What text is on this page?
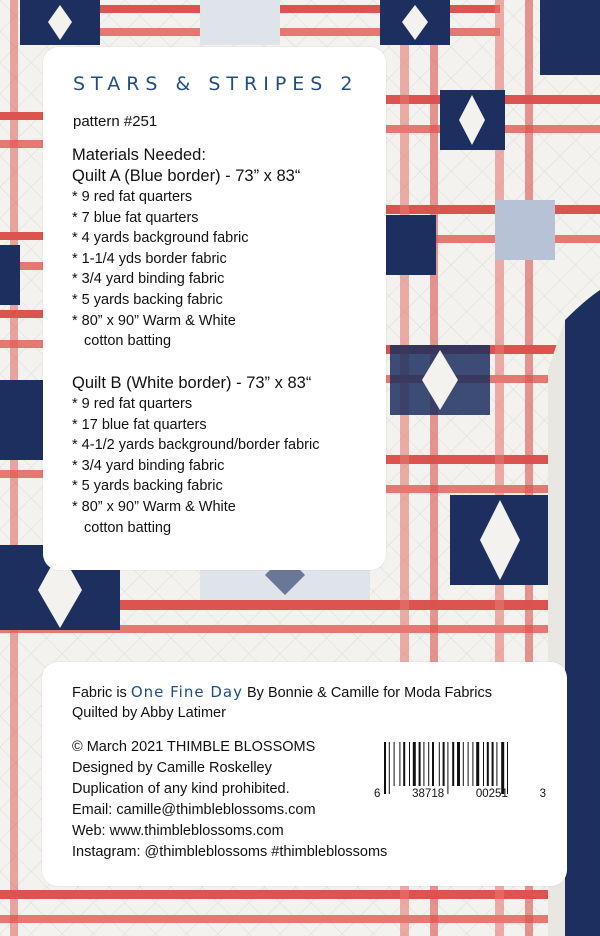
STARS & STRIPES 2
pattern #251
Materials Needed:
Quilt A (Blue border) - 73” x 83“
* 9 red fat quarters
* 7 blue fat quarters
* 4 yards background fabric
* 1-1/4 yds border fabric
* 3/4 yard binding fabric
* 5 yards backing fabric
* 80” x 90” Warm & White
cotton batting
Quilt B (White border) - 73” x 83“
* 9 red fat quarters
* 17 blue fat quarters
* 4-1/2 yards background/border fabric
* 3/4 yard binding fabric
* 5 yards backing fabric
* 80” x 90” Warm & White
cotton batting
Fabric is One Fine Day By Bonnie & Camille for Moda Fabrics
Quilted by Abby Latimer
© March 2021 THIMBLE BLOSSOMS
Designed by Camille Roskelley
Duplication of any kind prohibited.
Email: camille@thimbleblossoms.com
Web: www.thimbleblossoms.com
Instagram: @thimbleblossoms #thimbleblossoms
6	38718	00251	3
